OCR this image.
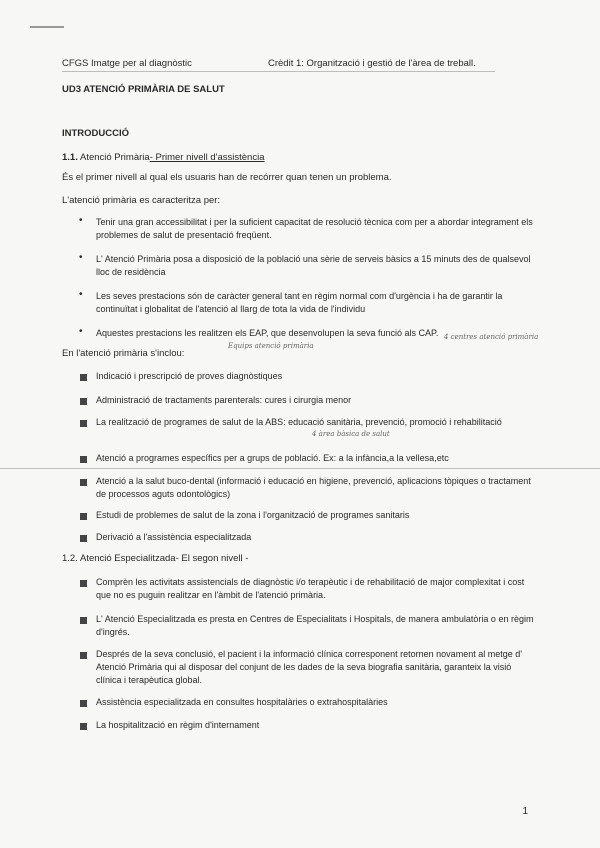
CFGS Imatge per al diagnòstic	Crèdit 1: Organització i gestió de l'àrea de treball.
UD3 ATENCIÓ PRIMÀRIA DE SALUT
INTRODUCCIÓ
1.1. Atenció Primària- Primer nivell d'assistència
És el primer nivell al qual els usuaris han de recórrer quan tenen un problema.
L'atenció primària es caracteritza per:
• Tenir una gran accessibilitat i per la suficient capacitat de resolució tècnica com per a abordar integrament els problemes de salut de presentació freqüent.
• L' Atenció Primària posa a disposició de la població una sèrie de serveis bàsics a 15 minuts des de qualsevol lloc de residència
• Les seves prestacions són de caràcter general tant en règim normal com d'urgència i ha de garantir la continuïtat i globalitat de l'atenció al llarg de tota la vida de l'individu
• Aquestes prestacions les realitzen els EAP, que desenvolupen la seva funció als CAP.
Equips atenció primària
4 centres atenció primària
En l'atenció primària s'inclou:
Indicació i prescripció de proves diagnòstiques
Administració de tractaments parenterals: cures i cirurgia menor
La realització de programes de salut de la ABS: educació sanitària, prevenció, promoció i rehabilitació
4 àrea bàsica de salut
Atenció a programes específics per a grups de població. Ex: a la infància,a la vellesa,etc
Atenció a la salut buco-dental (informació i educació en higiene, prevenció, aplicacions tòpiques o tractament de processos aguts odontològics)
Estudi de problemes de salut de la zona i l'organització de programes sanitaris
Derivació a l'assistència especialitzada
1.2. Atenció Especialitzada- El segon nivell -
Comprèn les activitats assistencials de diagnòstic i/o terapèutic i de rehabilitació de major complexitat i cost que no es puguin realitzar en l'àmbit de l'atenció primària.
L' Atenció Especialitzada es presta en Centres de Especialitats i Hospitals, de manera ambulatòria o en règim d'ingrés.
Després de la seva conclusió, el pacient i la informació clínica corresponent retornen novament al metge d' Atenció Primària qui al disposar del conjunt de les dades de la seva biografia sanitària, garanteix la visió clínica i terapèutica global.
Assistència especialitzada en consultes hospitalàries o extrahospitalàries
La hospitalització en règim d'internament
1
